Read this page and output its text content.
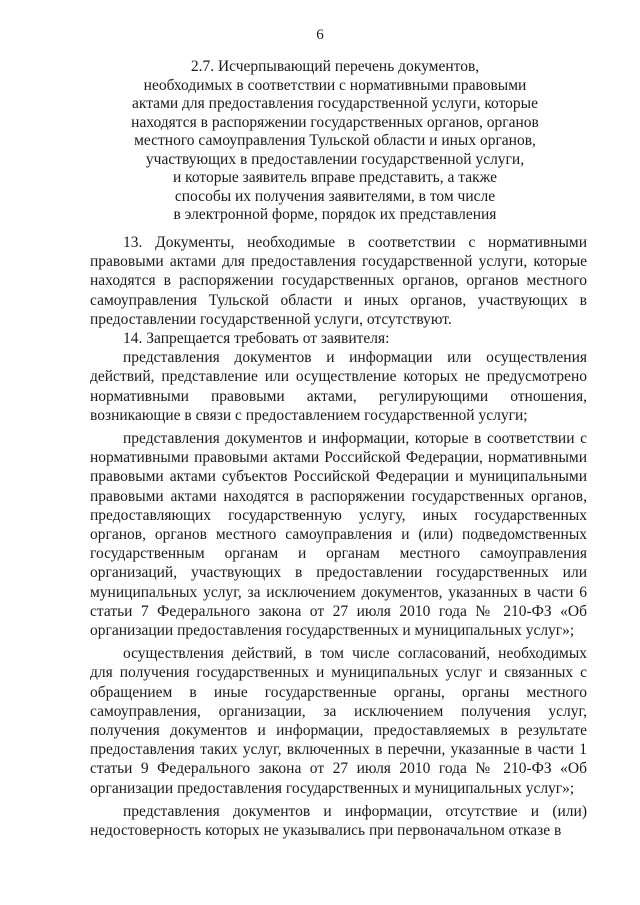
6
2.7. Исчерпывающий перечень документов,
необходимых в соответствии с нормативными правовыми
актами для предоставления государственной услуги, которые
находятся в распоряжении государственных органов, органов
местного самоуправления Тульской области и иных органов,
участвующих в предоставлении государственной услуги,
и которые заявитель вправе представить, а также
способы их получения заявителями, в том числе
в электронной форме, порядок их представления

13. Документы, необходимые в соответствии с нормативными правовыми актами для предоставления государственной услуги, которые находятся в распоряжении государственных органов, органов местного самоуправления Тульской области и иных органов, участвующих в предоставлении государственной услуги, отсутствуют.

14. Запрещается требовать от заявителя:

представления документов и информации или осуществления действий, представление или осуществление которых не предусмотрено нормативными правовыми актами, регулирующими отношения, возникающие в связи с предоставлением государственной услуги;

представления документов и информации, которые в соответствии с нормативными правовыми актами Российской Федерации, нормативными правовыми актами субъектов Российской Федерации и муниципальными правовыми актами находятся в распоряжении государственных органов, предоставляющих государственную услугу, иных государственных органов, органов местного самоуправления и (или) подведомственных государственным органам и органам местного самоуправления организаций, участвующих в предоставлении государственных или муниципальных услуг, за исключением документов, указанных в части 6 статьи 7 Федерального закона от 27 июля 2010 года № 210-ФЗ «Об организации предоставления государственных и муниципальных услуг»;

осуществления действий, в том числе согласований, необходимых для получения государственных и муниципальных услуг и связанных с обращением в иные государственные органы, органы местного самоуправления, организации, за исключением получения услуг, получения документов и информации, предоставляемых в результате предоставления таких услуг, включенных в перечни, указанные в части 1 статьи 9 Федерального закона от 27 июля 2010 года № 210-ФЗ «Об организации предоставления государственных и муниципальных услуг»;

представления документов и информации, отсутствие и (или) недостоверность которых не указывались при первоначальном отказе в
